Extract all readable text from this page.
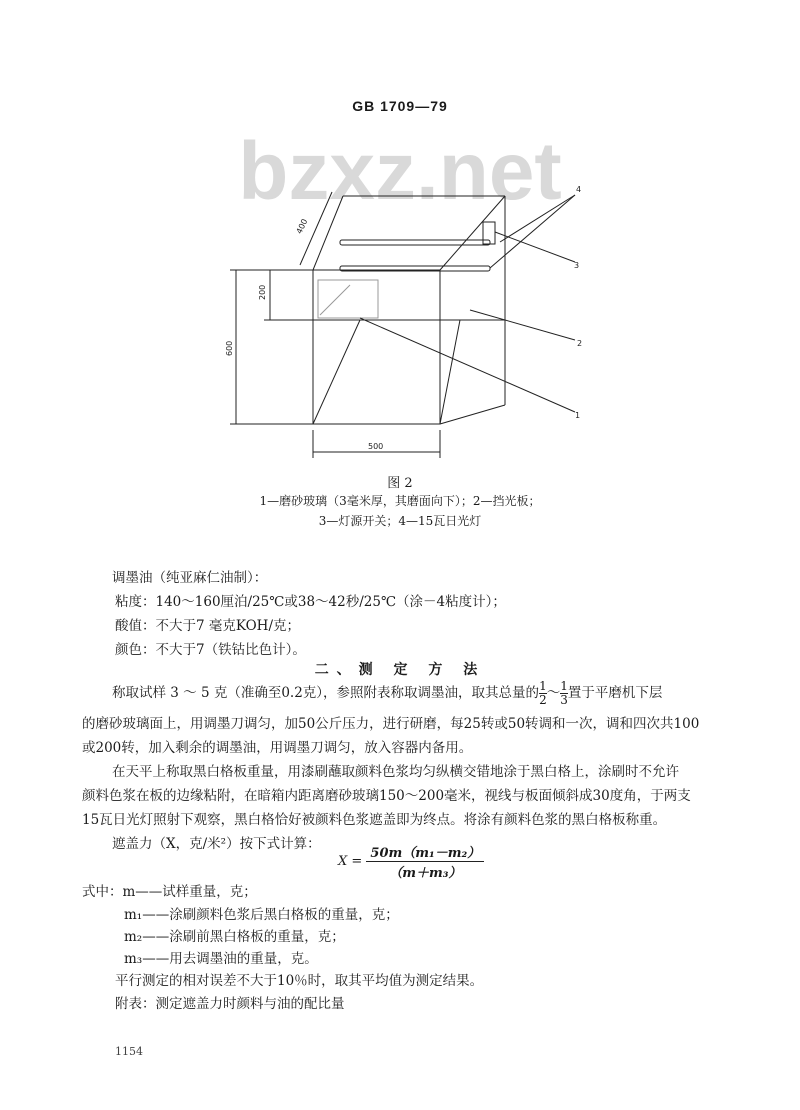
GB 1709—79
bzxz.net
400
200
600
500
4
3
2
1
图 2
1—磨砂玻璃（3毫米厚，其磨面向下）；2—挡光板；
3—灯源开关；4—15瓦日光灯
调墨油（纯亚麻仁油制）：
粘度：140～160厘泊/25℃或38～42秒/25℃（涂－4粘度计）；
酸值：不大于7 毫克KOH/克；
颜色：不大于7（铁钴比色计）。
二、测 定 方 法
称取试样 3 ～ 5 克（准确至0.2克），参照附表称取调墨油，取其总量的 $\frac{1}{2}$ ～ $\frac{1}{3}$ 置于平磨机下层
的磨砂玻璃面上，用调墨刀调匀，加50公斤压力，进行研磨，每25转或50转调和一次，调和四次共100
或200转，加入剩余的调墨油，用调墨刀调匀，放入容器内备用。
在天平上称取黑白格板重量，用漆刷蘸取颜料色浆均匀纵横交错地涂于黑白格上，涂刷时不允许
颜料色浆在板的边缘粘附，在暗箱内距离磨砂玻璃150～200毫米，视线与板面倾斜成30度角，于两支
15瓦日光灯照射下观察，黑白格恰好被颜料色浆遮盖即为终点。将涂有颜料色浆的黑白格板称重。
遮盖力（X，克/米²）按下式计算：
$X = \frac{\text{50m（m₁－m₂）}}{\text{（m＋m₃）}}$
式中：m——试样重量，克；
m₁——涂刷颜料色浆后黑白格板的重量，克；
m₂——涂刷前黑白格板的重量，克；
m₃——用去调墨油的重量，克。
平行测定的相对误差不大于10％时，取其平均值为测定结果。
附表：测定遮盖力时颜料与油的配比量
1154
